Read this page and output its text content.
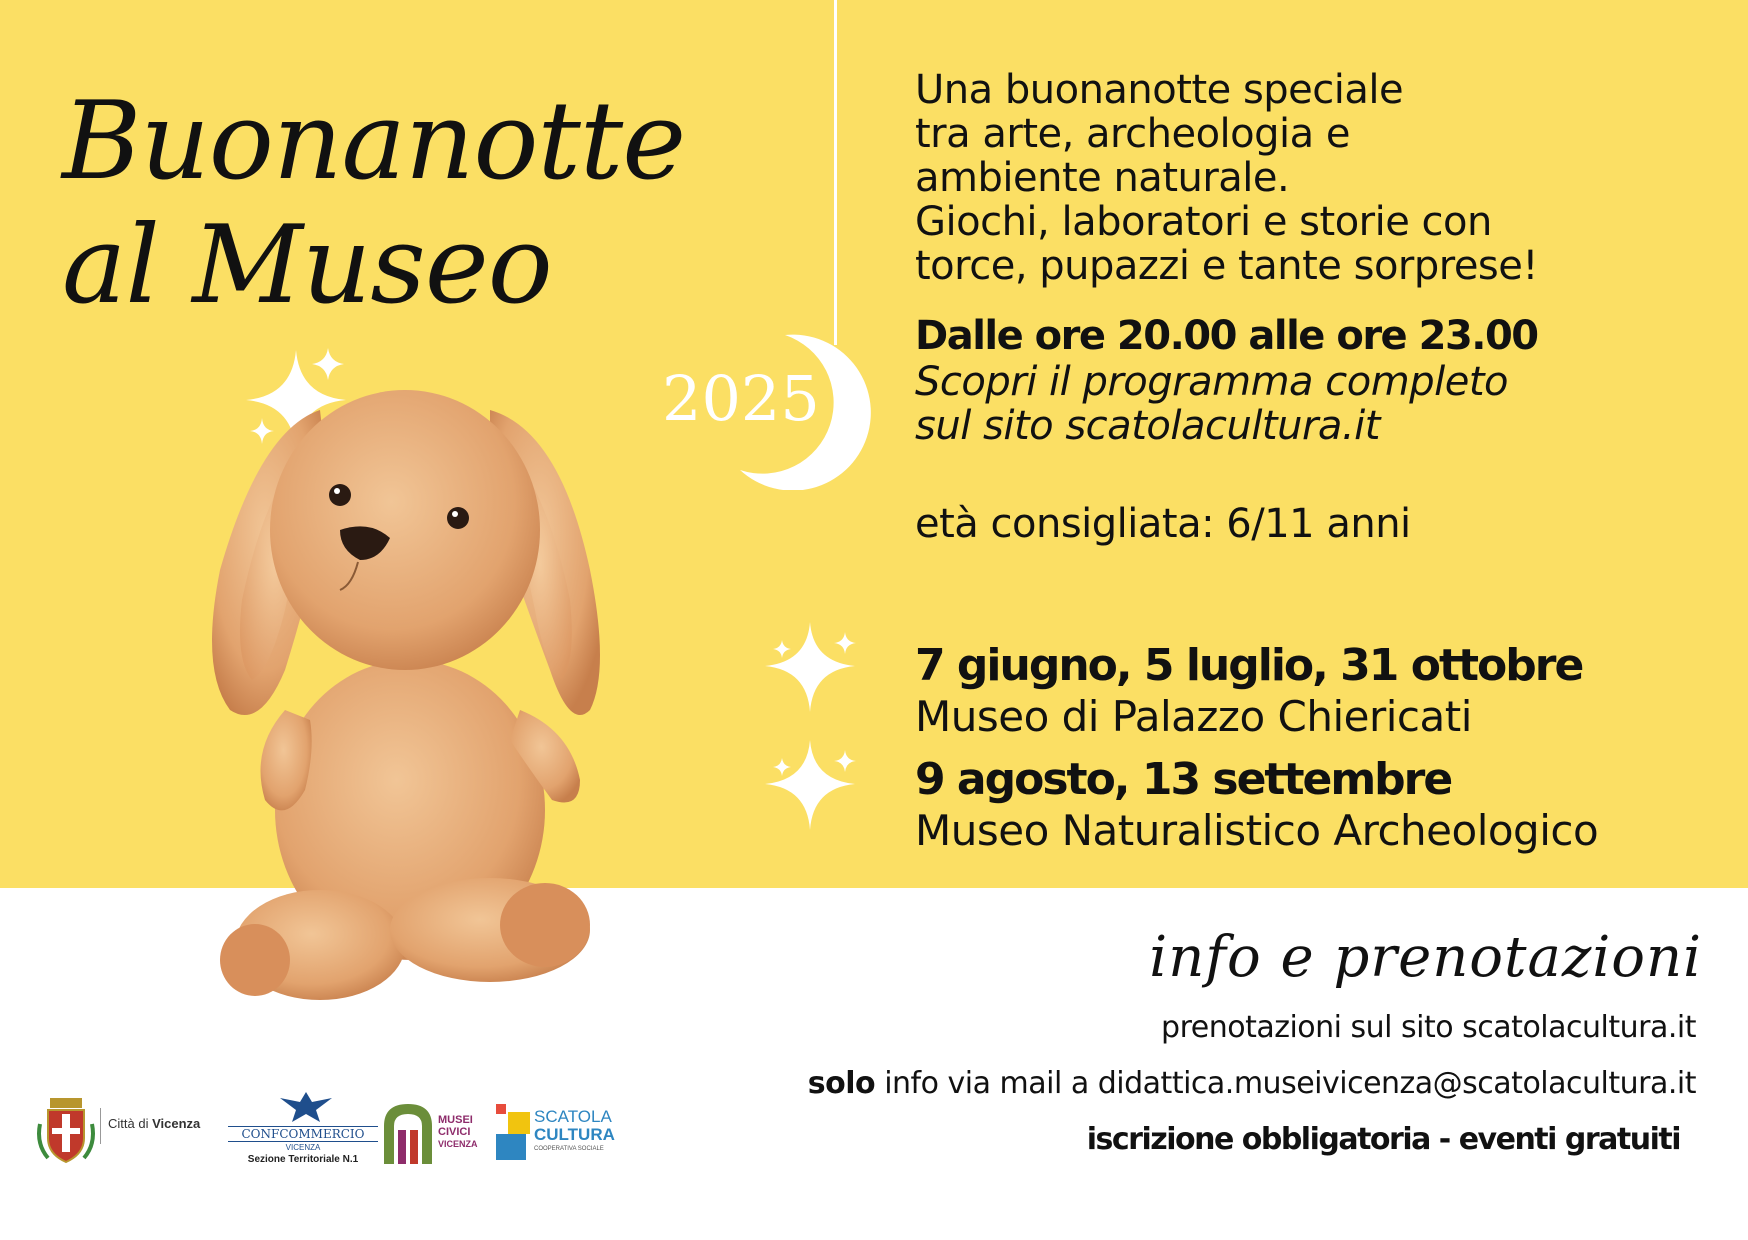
Buonanotte
al Museo
2025

Una buonanotte speciale
tra arte, archeologia e
ambiente naturale.
Giochi, laboratori e storie con
torce, pupazzi e tante sorprese!

Dalle ore 20.00 alle ore 23.00

Scopri il programma completo
sul sito scatolacultura.it

età consigliata: 6/11 anni

7 giugno, 5 luglio, 31 ottobre

Museo di Palazzo Chiericati

9 agosto, 13 settembre

Museo Naturalistico Archeologico

info e prenotazioni
prenotazioni sul sito scatolacultura.it
solo info via mail a didattica.museivicenza@scatolacultura.it
iscrizione obbligatoria - eventi gratuiti
Città di Vicenza
CONFCOMMERCIO
VICENZA
Sezione Territoriale N.1
MUSEI
CIVICI
VICENZA
SCATOLA
CULTURA
COOPERATIVA SOCIALE
